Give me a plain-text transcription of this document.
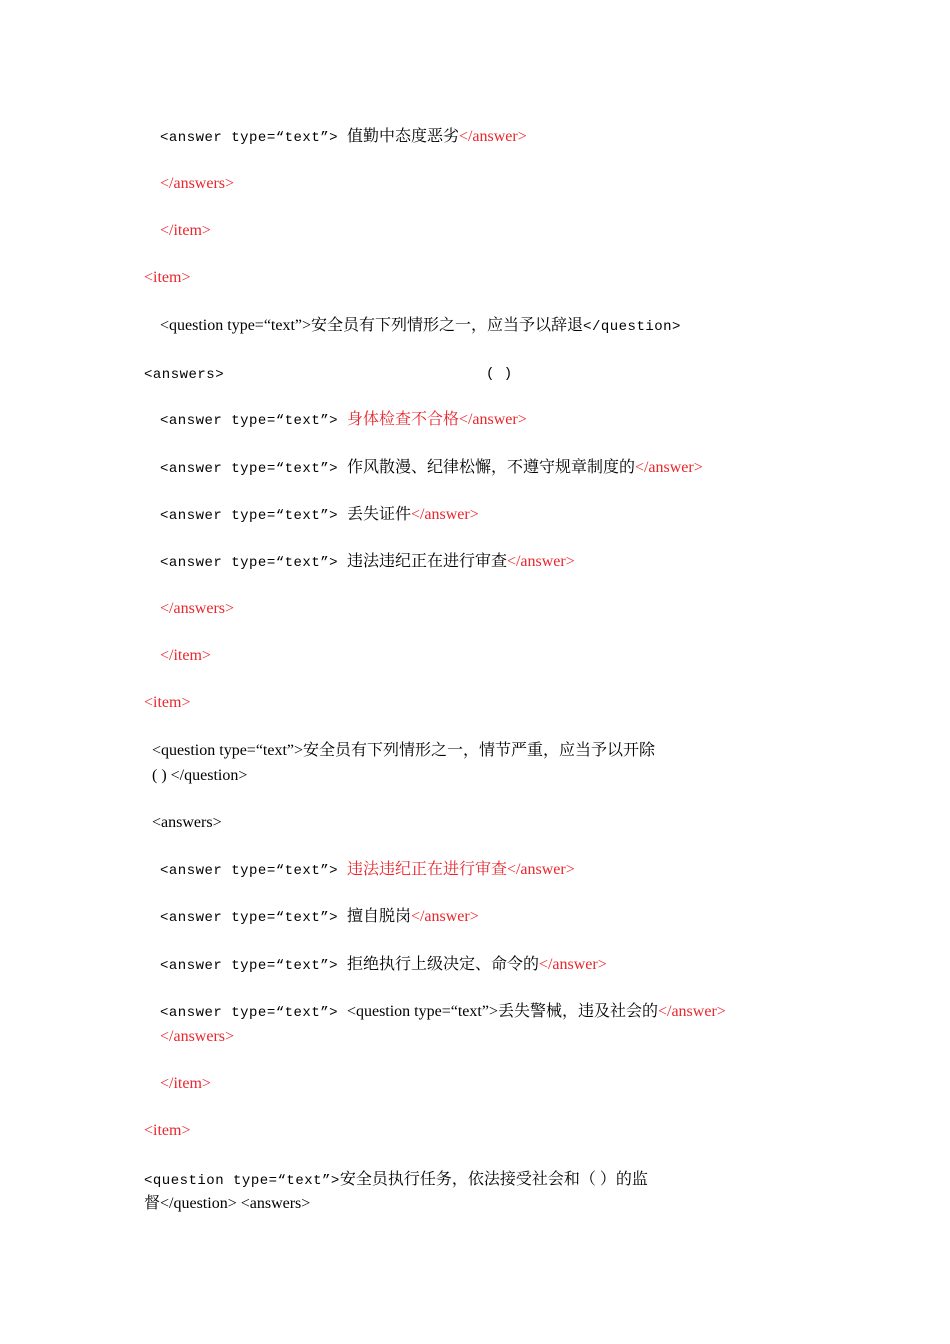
<answer type=“text”> 值勤中态度恶劣</answer>
</answers>
</item>
<item>
<question type=“text”>安全员有下列情形之一，应当予以辞退</question>
<answers>	( )
<answer type=“text”> 身体检查不合格</answer>
<answer type=“text”> 作风散漫、纪律松懈，不遵守规章制度的</answer>
<answer type=“text”> 丢失证件</answer>
<answer type=“text”> 违法违纪正在进行审查</answer>
</answers>
</item>
<item>
<question type=“text”>安全员有下列情形之一，情节严重，应当予以开除
( ) </question>
<answers>
<answer type=“text”> 违法违纪正在进行审查</answer>
<answer type=“text”> 擅自脱岗</answer>
<answer type=“text”> 拒绝执行上级决定、命令的</answer>
<answer type=“text”> <question type=“text”>丢失警械，违及社会的</answer>
</answers>
</item>
<item>
<question type=“text”>安全员执行任务，依法接受社会和（ ）的监
督</question> <answers>
